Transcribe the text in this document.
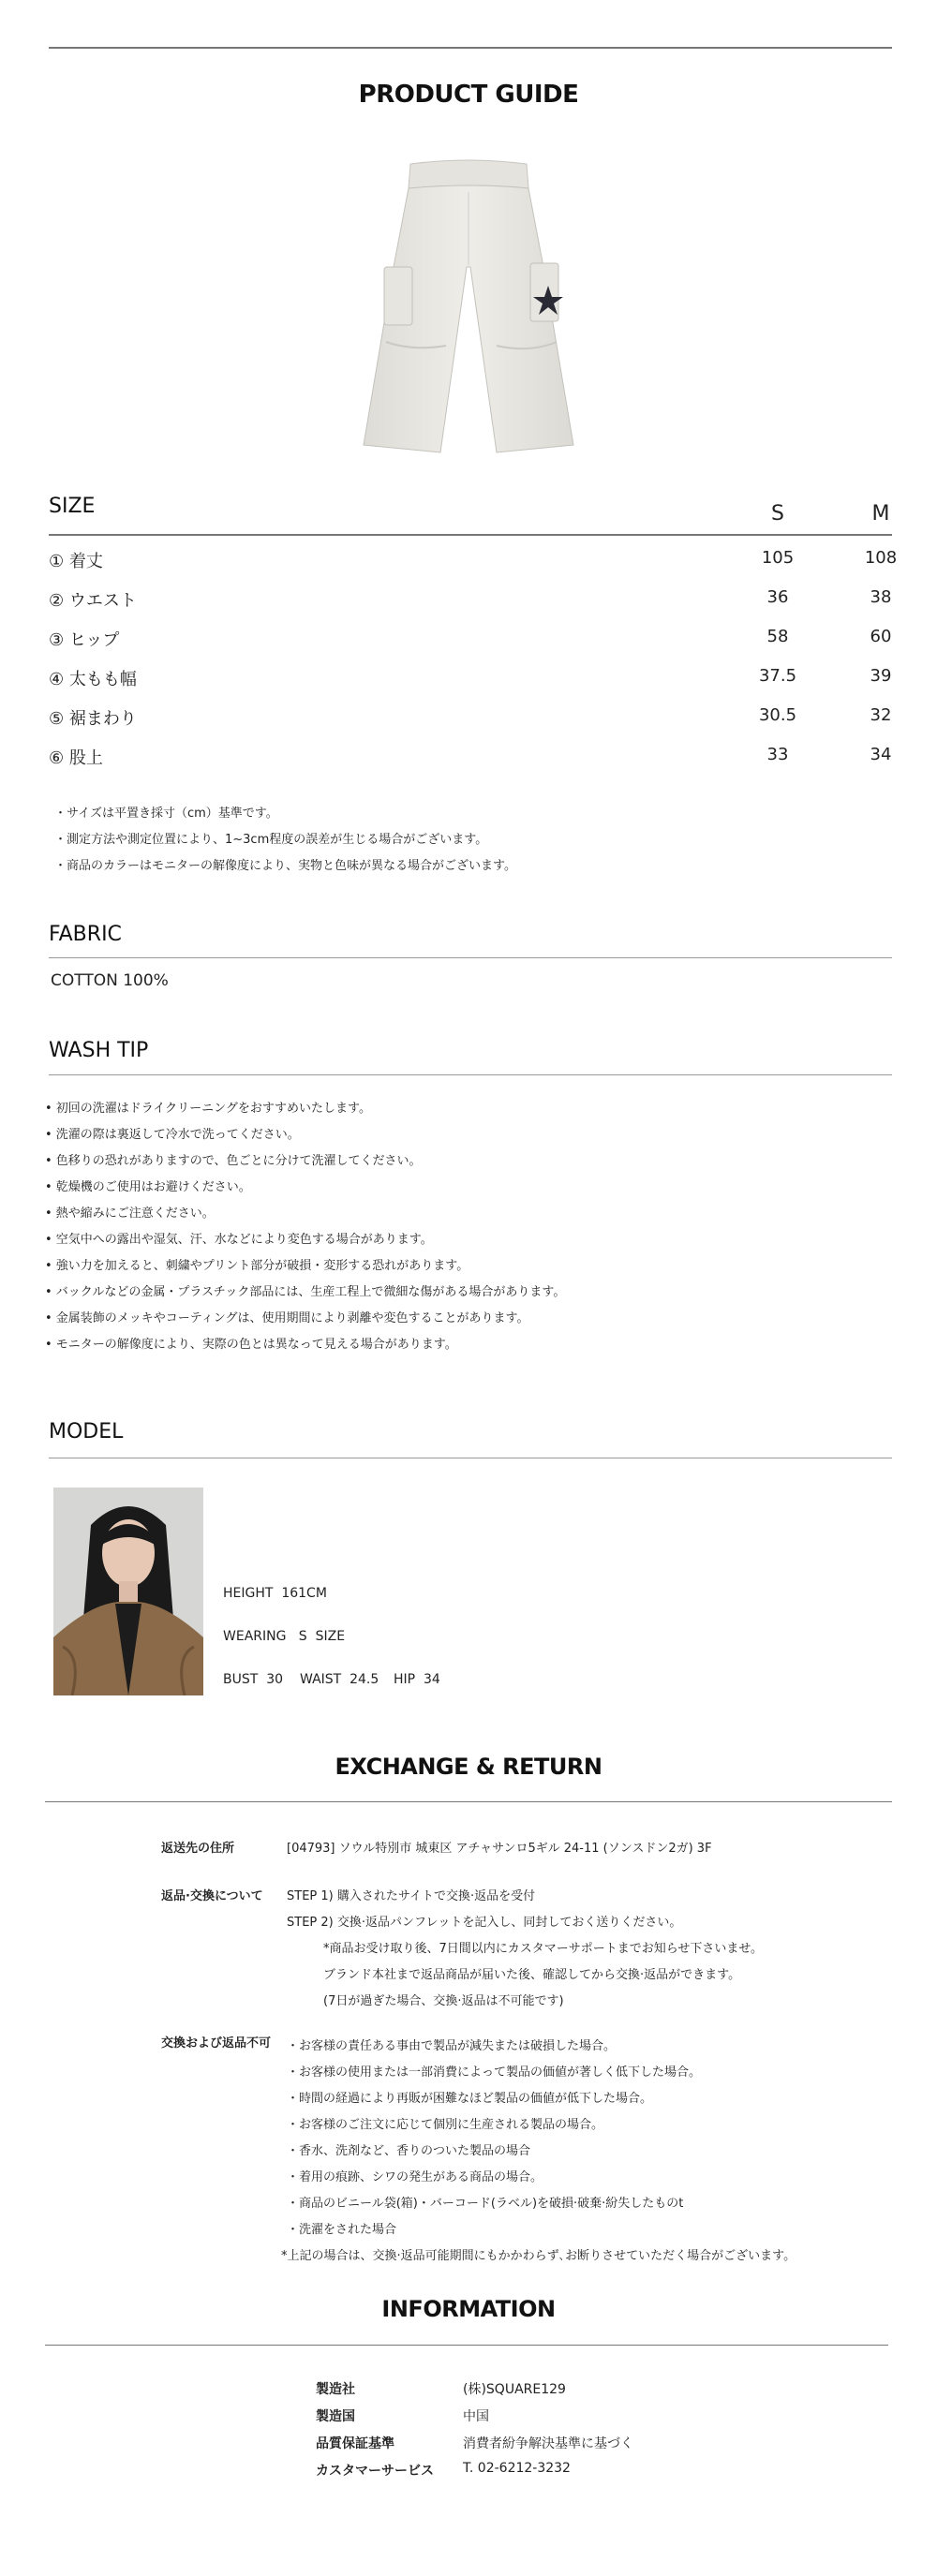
PRODUCT GUIDE
SIZE	S	M
① 着丈	105	108
② ウエスト	36	38
③ ヒップ	58	60
④ 太もも幅	37.5	39
⑤ 裾まわり	30.5	32
⑥ 股上	33	34
・サイズは平置き採寸（cm）基準です。
・測定方法や測定位置により、1~3cm程度の誤差が生じる場合がございます。
・商品のカラーはモニターの解像度により、実物と色味が異なる場合がございます。
FABRIC
COTTON 100%
WASH TIP
• 初回の洗濯はドライクリーニングをおすすめいたします。
• 洗濯の際は裏返して冷水で洗ってください。
• 色移りの恐れがありますので、色ごとに分けて洗濯してください。
• 乾燥機のご使用はお避けください。
• 熱や縮みにご注意ください。
• 空気中への露出や湿気、汗、水などにより変色する場合があります。
• 強い力を加えると、刺繍やプリント部分が破損・変形する恐れがあります。
• バックルなどの金属・プラスチック部品には、生産工程上で微細な傷がある場合があります。
• 金属装飾のメッキやコーティングは、使用期間により剥離や変色することがあります。
• モニターの解像度により、実際の色とは異なって見える場合があります。
MODEL
HEIGHT  161CM
WEARING   S  SIZE
BUST  30 WAIST  24.5 HIP  34
EXCHANGE & RETURN
返送先の住所	[04793] ソウル特別市 城東区 アチャサンロ5ギル 24-11 (ソンスドン2ガ) 3F
返品·交換について STEP 1) 購入されたサイトで交換·返品を受付
STEP 2) 交換·返品パンフレットを記入し、同封しておく送りください。
*商品お受け取り後、7日間以内にカスタマーサポートまでお知らせ下さいませ。
ブランド本社まで返品商品が届いた後、確認してから交換·返品ができます。
(7日が過ぎた場合、交換·返品は不可能です)
交換および返品不可 ・お客様の責任ある事由で製品が減失または破損した場合。
・お客様の使用または一部消費によって製品の価値が著しく低下した場合。
・時間の経過により再販が困難なほど製品の価値が低下した場合。
・お客様のご注文に応じて個別に生産される製品の場合。
・香水、洗剤など、香りのついた製品の場合
・着用の痕跡、シワの発生がある商品の場合。
・商品のビニール袋(箱)・バーコード(ラベル)を破損·破棄·紛失したものt
・洗濯をされた場合
*上記の場合は、交換·返品可能期間にもかかわらず､お断りさせていただく場合がございます。
INFORMATION
製造社	(株)SQUARE129
製造国	中国
品質保証基準	消費者紛争解決基準に基づく
カスタマーサービス T. 02-6212-3232
